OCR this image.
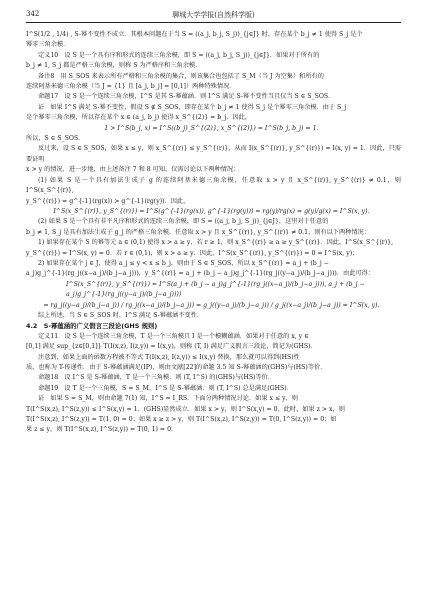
342	聊城大学学报(自然科学版)

I^S(1/2 , 1/4) , S-幂不变性不成立．其根本问题在于当 S = ((a_j, b_j, S_j))_{j∈J} 时，存在某个 b_j ≠ 1 使得 S_j 是个

幂零三角余模．

定义10　设 S 是一个具有序和形式的连续三角余模，即 S = ((a_j, b_j, S_j))_{j∈J}．如果对于所有的

b_j ≠ 1, S_j 都是严格三角余模，则称 S 为严格序和三角余模．

备注8　用 S_SOS 来表示所有严格和三角余模的集合，则该集合也包括了 S_M（当 J 为空集）和所有的

连续阿基米德三角余模（当 J = {1} 且 [a_j, b_j] = [0,1]）两种特殊情况．

命题17　设 S 是一个连续三角余模，I^S 是其 S-幂蕴涵．则 I^S 满足 S-幂不变性当且仅当 S ∈ S_SOS．

证　如果 I^S 满足 S-幂不变性，假设 S ∉ S_SOS，即存在某个 b_j ≠ 1 使得 S_j 是个幂零三角余模．由于 S_j

是个幂零三角余模，所以存在某个 x ∈ (a_j, b_j) 使得 x_S^{(2)} = b_j．因此，

1 > I^S(b_j, x) = I^S((b_j)_S^{(2)}, x_S^{(2)}) = I^S(b_j, b_j) = 1．

所以，S ∈ S_SOS．

反过来，设 S ∈ S_SOS，如果 x ≤ y，则 x_S^{(r)} ≤ y_S^{(r)}，从而 I(x_S^{(r)}, y_S^{(r)}) = I(x, y) = 1．因此，只需要证明

x > y 的情况．进一步地，由上述备注 7 和 8 可知，仅需讨论以下两种情况：

(1) 如果 S 是一个具有加法生成子 g 的连续阿基米德三角余模，任意取 x > y 且 x_S^{(r)}, y_S^{(r)} ≠ 0.1，则 I^S(x_S^{(r)},

y_S^{(r)}) = g^{-1}(rg(x)) > g^{-1}(rg(y))．因此，

I^S(x_S^{(r)}, y_S^{(r)}) = I^S(g^{-1}(rg(x)), g^{-1}(rg(y))) = rg(y)/rg(x) = g(y)/g(x) = I^S(x, y)．

(2) 如果 S 是一个具有非平凡序和形式的连续三角余模，即 S = ((a_j, b_j, S_j))_{j∈J}，这里对于任意的

b_j ≠ 1, S_j 是具有加法生成子 g_j 的严格三角余模．任意取 x > y 且 x_S^{(r)}, y_S^{(r)} ≠ 0.1，则有以下两种情况：

1) 如果存在某个 S 的幂等元 a ∈ (0,1) 使得 x > a ≥ y，若 r ≥ 1，则 x_S^{(r)} ≥ a ≥ y_S^{(r)}．因此，I^S(x_S^{(r)},

y_S^{(r)}) = I^S(x, y) = 0．若 r ∈ (0,1)，则 x > a ≥ y．因此，I^S(x_S^{(r)}, y_S^{(r)}) = 0 = I^S(x, y)；

2) 如果存在某个 j ∈ J，使得 a_j ≤ y < x ≤ b_j，则由于 S ∈ S_SOS，所以 x_S^{(r)} = a_j + (b_j −

a_j)g_j^{-1}(rg_j((x−a_j)/(b_j−a_j)))，y_S^{(r)} = a_j + (b_j − a_j)g_j^{-1}(rg_j((y−a_j)/(b_j−a_j)))．由此可得：

I^S(x_S^{(r)}, y_S^{(r)}) = I^S(a_j + (b_j − a_j)g_j^{-1}(rg_j((x−a_j)/(b_j−a_j))), a_j + (b_j − a_j)g_j^{-1}(rg_j((y−a_j)/(b_j−a_j))))

= rg_j((y−a_j)/(b_j−a_j)) / rg_j((x−a_j)/(b_j−a_j)) = g_j((y−a_j)/(b_j−a_j)) / g_j((x−a_j)/(b_j−a_j)) = I^S(x, y)．

综上所述，当 S ∈ S_SOS 时，I^S 满足 S-幂蕴涵不变性．

4.2　S-幂蕴涵的广义假言三段论(GHS 规则)

定义11　设 S 是一个连续三角余模，T 是一个三角模且 I 是一个模糊蕴涵．如果对于任意的 x, y ∈

[0,1] 满足 sup_{z∈[0,1]} T(I(x,z), I(z,y)) = I(x,y)，则称 (T, I) 满足广义假言三段论，简记为(GHS)．

注意到，如果上面的函数方程被不等式 T(I(x,z), I(z,y)) ≤ I(x,y) 替换，那么就可以得到(HS)性

质，也称为 T-传递性．由于 S-幂蕴涵满足(IP)，则由文献[22]的命题 3.5 知 S-幂蕴涵的(GHS)与(HS)等价．

命题18　设 I^S 是 S-幂蕴涵，T 是一个三角模．则 (T, I^S) 的(GHS)与(HS)等价．

命题19　设 T 是一个三角模，S = S_M，I^S 是 S-幂蕴涵．则 (T, I^S) 总是满足(GHS)．

证　如果 S = S_M，则由命题 7(1) 知，I^S = I_RS．下面分两种情况讨论．如果 x ≤ y，则

T(I^S(x,z), I^S(z,y)) ≤ I^S(x,y) = 1．(GHS)显然成立．如果 x > y，则 I^S(x,y) = 0．此时，如果 z > x，则

T(I^S(x,z), I^S(z,y)) = T(1, 0) = 0；如果 x ≥ z > y，则 T(I^S(x,z), I^S(z,y)) = T(0, I^S(z,y)) = 0；如

果 z ≤ y，则 T(I^S(x,z), I^S(z,y)) = T(0, 1) = 0．
